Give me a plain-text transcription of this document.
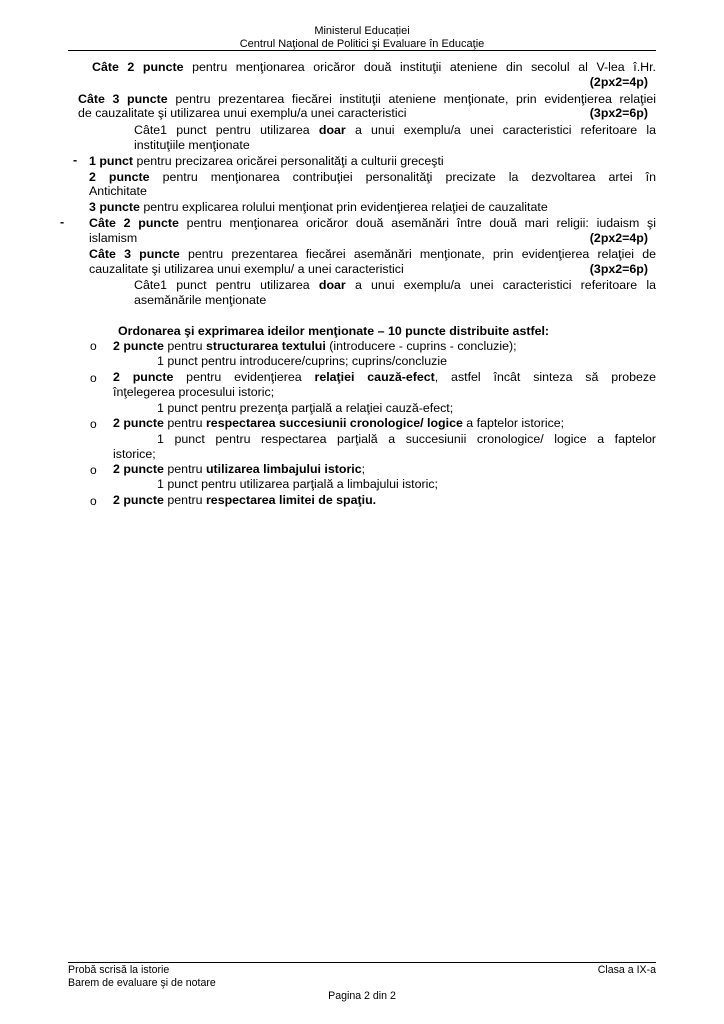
Ministerul Educației
Centrul Naţional de Politici şi Evaluare în Educaţie
Câte 2 puncte pentru menţionarea oricăror două instituţii ateniene din secolul al V-lea î.Hr.
(2px2=4p)
Câte 3 puncte pentru prezentarea fiecărei instituţii ateniene menţionate, prin evidenţierea relaţiei
de cauzalitate şi utilizarea unui exemplu/a unei caracteristici	(3px2=6p)
Câte1 punct pentru utilizarea doar a unui exemplu/a unei caracteristici referitoare la
instituţiile menţionate
- 1 punct pentru precizarea oricărei personalităţi a culturii greceşti
2 puncte pentru menţionarea contribuţiei personalităţi precizate la dezvoltarea artei în
Antichitate
3 puncte pentru explicarea rolului menţionat prin evidenţierea relaţiei de cauzalitate
- Câte 2 puncte pentru menţionarea oricăror două asemănări între două mari religii: iudaism şi
islamism	(2px2=4p)
Câte 3 puncte pentru prezentarea fiecărei asemănări menţionate, prin evidenţierea relaţiei de
cauzalitate şi utilizarea unui exemplu/ a unei caracteristici	(3px2=6p)
Câte1 punct pentru utilizarea doar a unui exemplu/a unei caracteristici referitoare la
asemănările menţionate
Ordonarea şi exprimarea ideilor menţionate – 10 puncte distribuite astfel:
o 2 puncte pentru structurarea textului (introducere - cuprins - concluzie);
1 punct pentru introducere/cuprins; cuprins/concluzie
o 2 puncte pentru evidenţierea relaţiei cauză-efect, astfel încât sinteza să probeze
înţelegerea procesului istoric;
1 punct pentru prezenţa parţială a relaţiei cauză-efect;
o 2 puncte pentru respectarea succesiunii cronologice/ logice a faptelor istorice;
1 punct pentru respectarea parţială a succesiunii cronologice/ logice a faptelor
istorice;
o 2 puncte pentru utilizarea limbajului istoric;
1 punct pentru utilizarea parţială a limbajului istoric;
o 2 puncte pentru respectarea limitei de spaţiu.
Probă scrisă la istorie
Barem de evaluare şi de notare
Clasa a IX-a
Pagina 2 din 2
